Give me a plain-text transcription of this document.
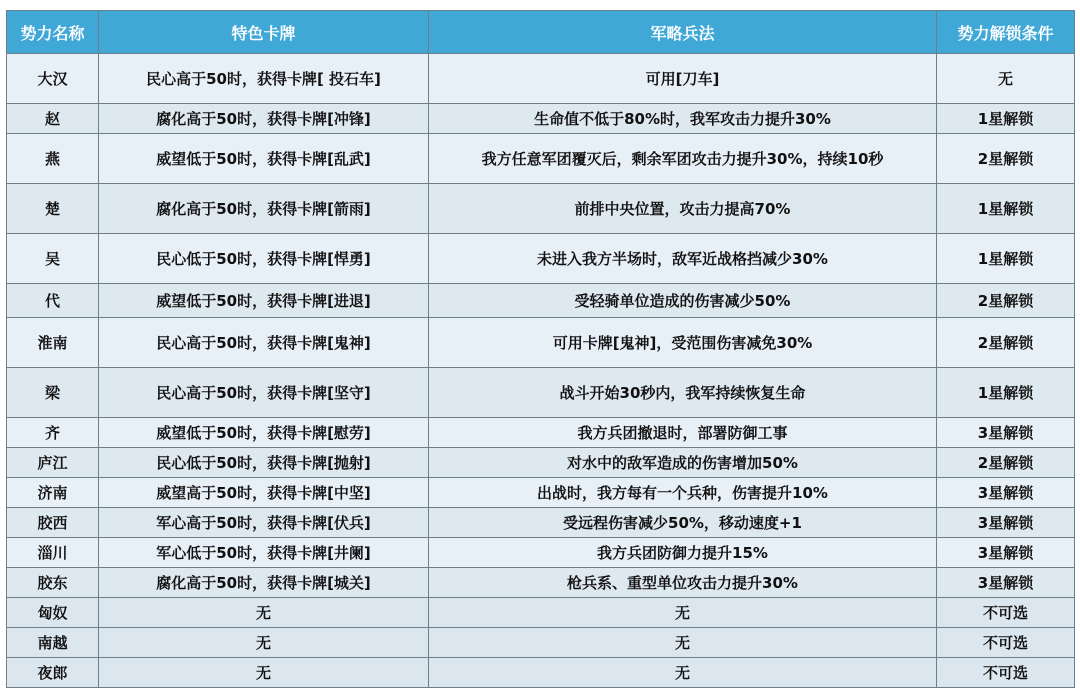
势力名称	特色卡牌	军略兵法	势力解锁条件
大汉	民心高于50时，获得卡牌[ 投石车]	可用[刀车]	无
赵	腐化高于50时，获得卡牌[冲锋]	生命值不低于80%时，我军攻击力提升30%	1星解锁
燕	威望低于50时，获得卡牌[乱武]	我方任意军团覆灭后，剩余军团攻击力提升30%，持续10秒	2星解锁
楚	腐化高于50时，获得卡牌[箭雨]	前排中央位置，攻击力提高70%	1星解锁
吴	民心低于50时，获得卡牌[悍勇]	未进入我方半场时，敌军近战格挡减少30%	1星解锁
代	威望低于50时，获得卡牌[进退]	受轻骑单位造成的伤害减少50%	2星解锁
淮南	民心高于50时，获得卡牌[鬼神]	可用卡牌[鬼神]，受范围伤害减免30%	2星解锁
梁	民心高于50时，获得卡牌[坚守]	战斗开始30秒内，我军持续恢复生命	1星解锁
齐	威望低于50时，获得卡牌[慰劳]	我方兵团撤退时，部署防御工事	3星解锁
庐江	民心低于50时，获得卡牌[抛射]	对水中的敌军造成的伤害增加50%	2星解锁
济南	威望高于50时，获得卡牌[中坚]	出战时，我方每有一个兵种，伤害提升10%	3星解锁
胶西	军心高于50时，获得卡牌[伏兵]	受远程伤害减少50%，移动速度+1	3星解锁
淄川	军心低于50时，获得卡牌[井阑]	我方兵团防御力提升15%	3星解锁
胶东	腐化高于50时，获得卡牌[城关]	枪兵系、重型单位攻击力提升30%	3星解锁
匈奴	无	无	不可选
南越	无	无	不可选
夜郎	无	无	不可选
